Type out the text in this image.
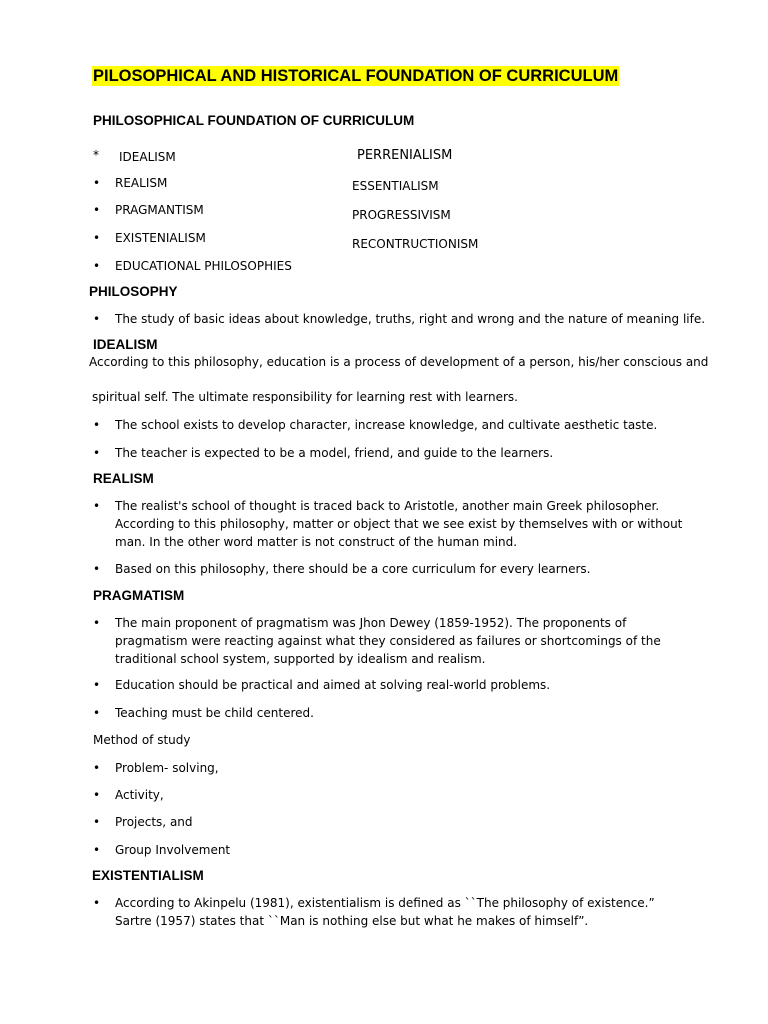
PILOSOPHICAL AND HISTORICAL FOUNDATION OF CURRICULUM
PHILOSOPHICAL FOUNDATION OF CURRICULUM
* IDEALISM
• REALISM
• PRAGMANTISM
• EXISTENIALISM
• EDUCATIONAL PHILOSOPHIES
PERRENIALISM
ESSENTIALISM
PROGRESSIVISM
RECONTRUCTIONISM
PHILOSOPHY
• The study of basic ideas about knowledge, truths, right and wrong and the nature of meaning life.
IDEALISM
According to this philosophy, education is a process of development of a person, his/her conscious and
spiritual self. The ultimate responsibility for learning rest with learners.
• The school exists to develop character, increase knowledge, and cultivate aesthetic taste.
• The teacher is expected to be a model, friend, and guide to the learners.
REALISM
• The realist's school of thought is traced back to Aristotle, another main Greek philosopher. According to this philosophy, matter or object that we see exist by themselves with or without man. In the other word matter is not construct of the human mind.
• Based on this philosophy, there should be a core curriculum for every learners.
PRAGMATISM
• The main proponent of pragmatism was Jhon Dewey (1859-1952). The proponents of pragmatism were reacting against what they considered as failures or shortcomings of the traditional school system, supported by idealism and realism.
• Education should be practical and aimed at solving real-world problems.
• Teaching must be child centered.
Method of study
• Problem- solving,
• Activity,
• Projects, and
• Group Involvement
EXISTENTIALISM
• According to Akinpelu (1981), existentialism is defined as ``The philosophy of existence.” Sartre (1957) states that ``Man is nothing else but what he makes of himself”.
